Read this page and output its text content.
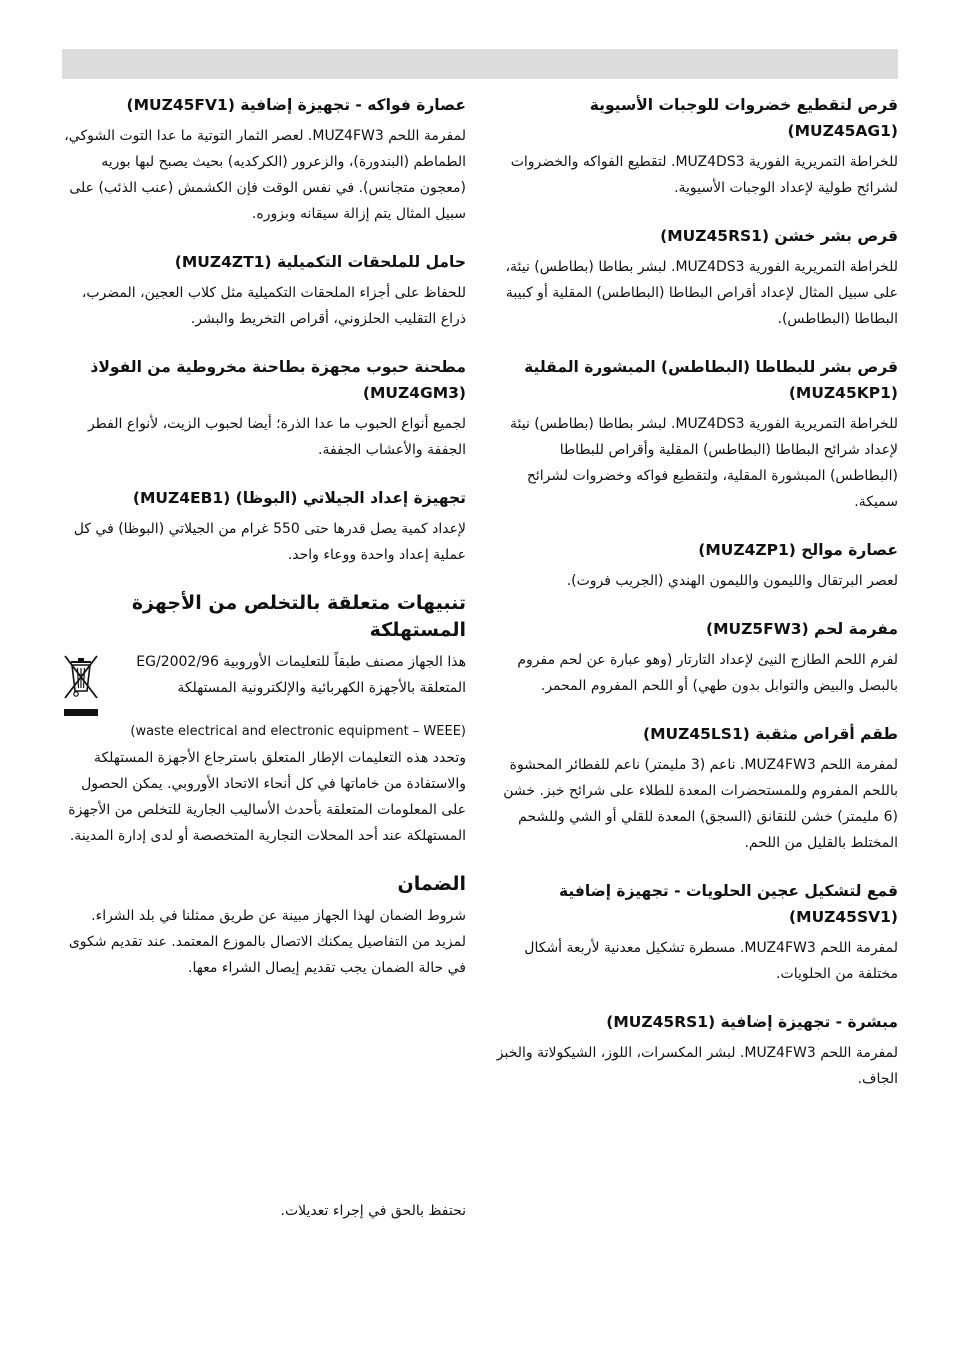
قرص لتقطيع خضروات للوجبات الأسيوية (MUZ45AG1)

للخراطة التمريرية الفورية MUZ4DS3. لتقطيع الفواكه والخضروات لشرائح طولية لإعداد الوجبات الأسيوية.

قرص بشر خشن (MUZ45RS1)

للخراطة التمريرية الفورية MUZ4DS3. لبشر بطاطا (بطاطس) نيئة، على سبيل المثال لإعداد أقراص البطاطا (البطاطس) المقلية أو كبيبة البطاطا (البطاطس).

قرص بشر للبطاطا (البطاطس) المبشورة المقلية (MUZ45KP1)

للخراطة التمريرية الفورية MUZ4DS3. لبشر بطاطا (بطاطس) نيئة لإعداد شرائح البطاطا (البطاطس) المقلية وأقراص للبطاطا (البطاطس) المبشورة المقلية، ولتقطيع فواكه وخضروات لشرائح سميكة.

عصارة موالح (MUZ4ZP1)

لعصر البرتقال والليمون والليمون الهندي (الجريب فروت).

مفرمة لحم (MUZ5FW3)

لفرم اللحم الطازج النيئ لإعداد التارتار (وهو عبارة عن لحم مفروم بالبصل والبيض والتوابل بدون طهي) أو اللحم المفروم المحمر.

طقم أقراص مثقبة (MUZ45LS1)

لمفرمة اللحم MUZ4FW3. ناعم (3 مليمتر) ناعم للفطائر المحشوة باللحم المفروم وللمستحضرات المعدة للطلاء على شرائح خبز. خشن (6 مليمتر) خشن للنقانق (السجق) المعدة للقلي أو الشي وللشحم المختلط بالقليل من اللحم.

قمع لتشكيل عجين الحلويات - تجهيزة إضافية (MUZ45SV1)

لمفرمة اللحم MUZ4FW3. مسطرة تشكيل معدنية لأربعة أشكال مختلفة من الحلويات.

مبشرة - تجهيزة إضافية (MUZ45RS1)

لمفرمة اللحم MUZ4FW3. لبشر المكسرات، اللوز، الشيكولاتة والخبز الجاف.

عصارة فواكه - تجهيزة إضافية (MUZ45FV1)

لمفرمة اللحم MUZ4FW3. لعصر الثمار التوتية ما عدا التوت الشوكي، الطماطم (البندورة)، والزعرور (الكركديه) بحيث يصبح لبها بوريه (معجون متجانس). في نفس الوقت فإن الكشمش (عنب الذئب) على سبيل المثال يتم إزالة سيقانه وبزوره.

حامل للملحقات التكميلية (MUZ4ZT1)

للحفاظ على أجزاء الملحقات التكميلية مثل كلاب العجين، المضرب، ذراع التقليب الحلزوني، أقراص التخريط والبشر.

مطحنة حبوب مجهزة بطاحنة مخروطية من الفولاذ (MUZ4GM3)

لجميع أنواع الحبوب ما عدا الذرة؛ أيضا لحبوب الزيت، لأنواع الفطر الجففة والأعشاب الجففة.

تجهيزة إعداد الجيلاتي (البوظا) (MUZ4EB1)

لإعداد كمية يصل قدرها حتى 550 غرام من الجيلاتي (البوظا) في كل عملية إعداد واحدة ووعاء واحد.

تنبيهات متعلقة بالتخلص من الأجهزة المستهلكة

هذا الجهاز مصنف طبقاً للتعليمات الأوروبية 2002/96/EG المتعلقة بالأجهزة الكهربائية والإلكترونية المستهلكة

(waste electrical and electronic equipment – WEEE)

وتحدد هذه التعليمات الإطار المتعلق باسترجاع الأجهزة المستهلكة والاستفادة من خاماتها في كل أنحاء الاتحاد الأوروبي. يمكن الحصول على المعلومات المتعلقة بأحدث الأساليب الجارية للتخلص من الأجهزة المستهلكة عند أحد المحلات التجارية المتخصصة أو لدى إدارة المدينة.

الضمان

شروط الضمان لهذا الجهاز مبينة عن طريق ممثلنا في بلد الشراء. لمزيد من التفاصيل يمكنك الاتصال بالموزع المعتمد. عند تقديم شكوى في حالة الضمان يجب تقديم إيصال الشراء معها.

نحتفظ بالحق في إجراء تعديلات.
